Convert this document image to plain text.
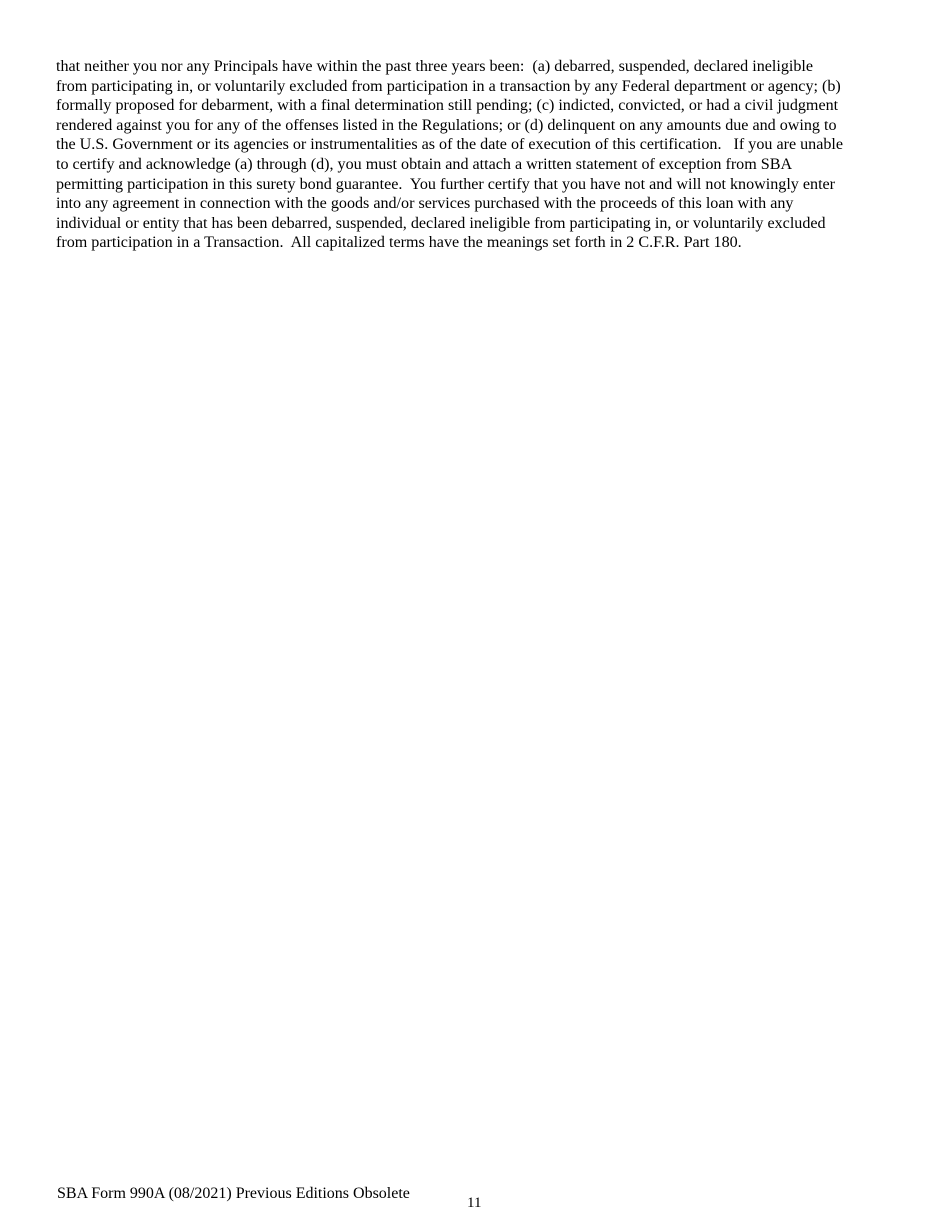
that neither you nor any Principals have within the past three years been:  (a) debarred, suspended, declared ineligible
from participating in, or voluntarily excluded from participation in a transaction by any Federal department or agency; (b)
formally proposed for debarment, with a final determination still pending; (c) indicted, convicted, or had a civil judgment
rendered against you for any of the offenses listed in the Regulations; or (d) delinquent on any amounts due and owing to
the U.S. Government or its agencies or instrumentalities as of the date of execution of this certification.   If you are unable
to certify and acknowledge (a) through (d), you must obtain and attach a written statement of exception from SBA
permitting participation in this surety bond guarantee.  You further certify that you have not and will not knowingly enter
into any agreement in connection with the goods and/or services purchased with the proceeds of this loan with any
individual or entity that has been debarred, suspended, declared ineligible from participating in, or voluntarily excluded
from participation in a Transaction.  All capitalized terms have the meanings set forth in 2 C.F.R. Part 180.

SBA Form 990A (08/2021) Previous Editions Obsolete
11
